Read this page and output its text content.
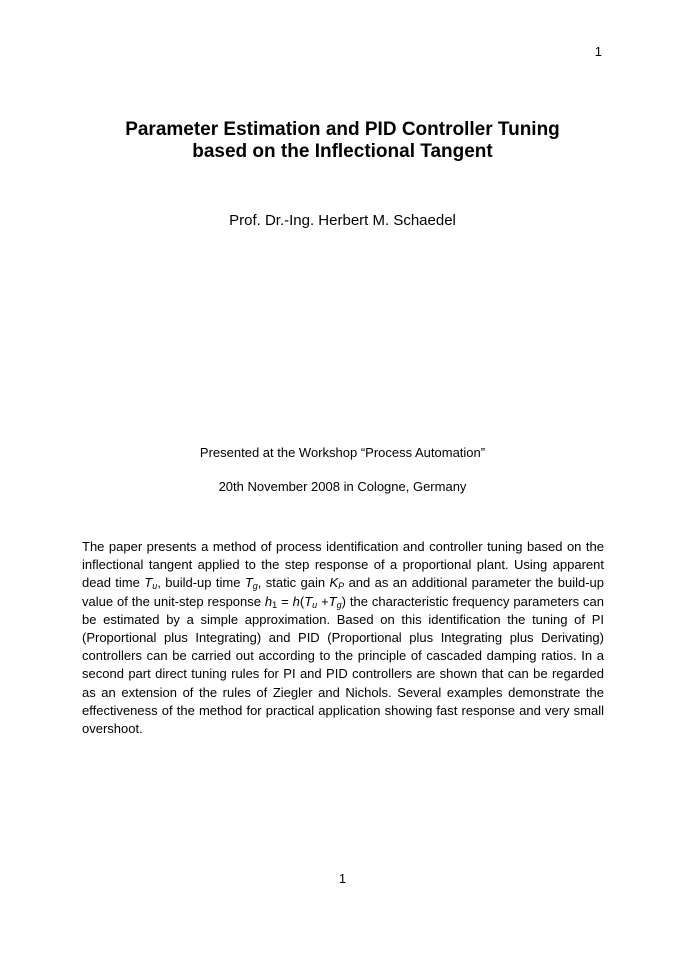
1
Parameter Estimation and PID Controller Tuning
based on the Inflectional Tangent
Prof. Dr.-Ing. Herbert M. Schaedel
Presented at the Workshop “Process Automation”
20th November 2008 in Cologne, Germany

The paper presents a method of process identification and controller tuning based on the inflectional tangent applied to the step response of a proportional plant. Using apparent dead time $T_u$, build-up time $T_g$, static gain $K_P$ and as an additional parameter the build-up value of the unit-step response $h_1 = h(T_u +T_g)$ the characteristic frequency parameters can be estimated by a simple approximation. Based on this identification the tuning of PI (Proportional plus Integrating) and PID (Proportional plus Integrating plus Derivating) controllers can be carried out according to the principle of cascaded damping ratios. In a second part direct tuning rules for PI and PID controllers are shown that can be regarded as an extension of the rules of Ziegler and Nichols. Several examples demonstrate the effectiveness of the method for practical application showing fast response and very small overshoot.

1
